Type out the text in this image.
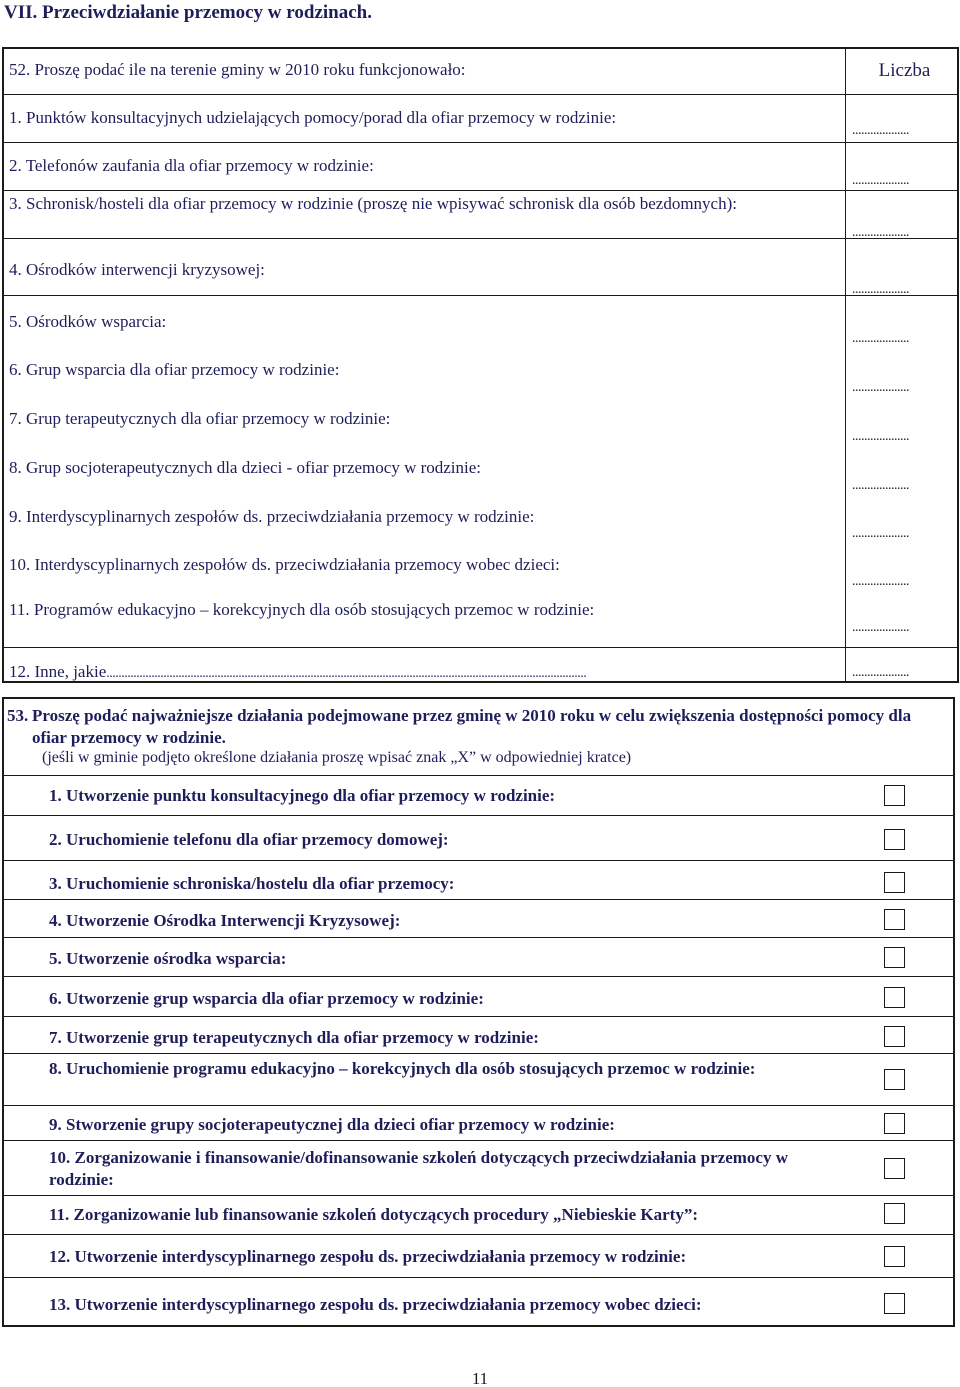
VII. Przeciwdziałanie przemocy w rodzinach.
52. Proszę podać ile na terenie gminy w 2010 roku funkcjonowało:	Liczba
1. Punktów konsultacyjnych udzielających pomocy/porad dla ofiar przemocy w rodzinie:
...................
2. Telefonów zaufania dla ofiar przemocy w rodzinie:
...................
3. Schronisk/hosteli dla ofiar przemocy w rodzinie (proszę nie wpisywać schronisk dla osób bezdomnych):
...................
4. Ośrodków interwencji kryzysowej:
...................
5. Ośrodków wsparcia:
...................
6. Grup wsparcia dla ofiar przemocy w rodzinie:
...................
7. Grup terapeutycznych dla ofiar przemocy w rodzinie:
...................
8. Grup socjoterapeutycznych dla dzieci - ofiar przemocy w rodzinie:
...................
9. Interdyscyplinarnych zespołów ds. przeciwdziałania przemocy w rodzinie:
...................
10. Interdyscyplinarnych zespołów ds. przeciwdziałania przemocy wobec dzieci:
...................
11. Programów edukacyjno – korekcyjnych dla osób stosujących przemoc w rodzinie:
...................
12. Inne, jakie................................................................................................................................................................	...................
53. Proszę podać najważniejsze działania podejmowane przez gminę w 2010 roku w celu zwiększenia dostępności pomocy dla ofiar przemocy w rodzinie.
(jeśli w gminie podjęto określone działania proszę wpisać znak „X” w odpowiedniej kratce)
1. Utworzenie punktu konsultacyjnego dla ofiar przemocy w rodzinie:
2. Uruchomienie telefonu dla ofiar przemocy domowej:
3. Uruchomienie schroniska/hostelu dla ofiar przemocy:
4. Utworzenie Ośrodka Interwencji Kryzysowej:
5. Utworzenie ośrodka wsparcia:
6. Utworzenie grup wsparcia dla ofiar przemocy w rodzinie:
7. Utworzenie grup terapeutycznych dla ofiar przemocy w rodzinie:
8. Uruchomienie programu edukacyjno – korekcyjnych dla osób stosujących przemoc w rodzinie:
9. Stworzenie grupy socjoterapeutycznej dla dzieci ofiar przemocy w rodzinie:
10. Zorganizowanie i finansowanie/dofinansowanie szkoleń dotyczących przeciwdziałania przemocy w rodzinie:
11. Zorganizowanie lub finansowanie szkoleń dotyczących procedury „Niebieskie Karty”:
12. Utworzenie interdyscyplinarnego zespołu ds. przeciwdziałania przemocy w rodzinie:
13. Utworzenie interdyscyplinarnego zespołu ds. przeciwdziałania przemocy wobec dzieci:
11
